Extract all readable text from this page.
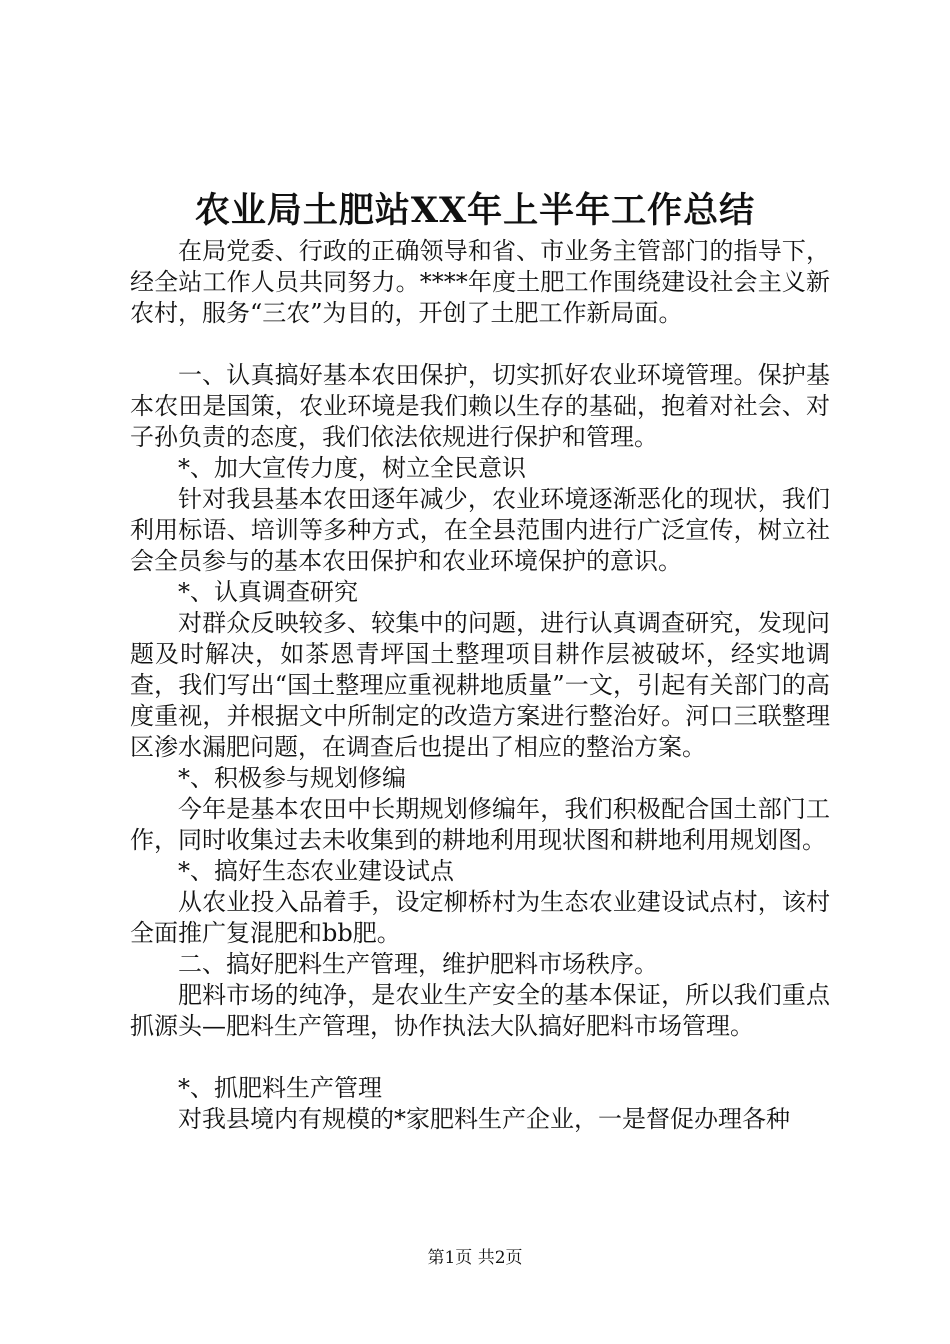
农业局土肥站XX年上半年工作总结

在局党委、行政的正确领导和省、市业务主管部门的指导下，经全站工作人员共同努力。****年度土肥工作围绕建设社会主义新农村，服务“三农”为目的，开创了土肥工作新局面。

一、认真搞好基本农田保护，切实抓好农业环境管理。保护基本农田是国策，农业环境是我们赖以生存的基础，抱着对社会、对子孙负责的态度，我们依法依规进行保护和管理。

*、加大宣传力度，树立全民意识

针对我县基本农田逐年减少，农业环境逐渐恶化的现状，我们利用标语、培训等多种方式，在全县范围内进行广泛宣传，树立社会全员参与的基本农田保护和农业环境保护的意识。

*、认真调查研究

对群众反映较多、较集中的问题，进行认真调查研究，发现问题及时解决，如茶恩青坪国土整理项目耕作层被破坏，经实地调查，我们写出“国土整理应重视耕地质量”一文，引起有关部门的高度重视，并根据文中所制定的改造方案进行整治好。河口三联整理区渗水漏肥问题，在调查后也提出了相应的整治方案。

*、积极参与规划修编

今年是基本农田中长期规划修编年，我们积极配合国土部门工作，同时收集过去未收集到的耕地利用现状图和耕地利用规划图。

*、搞好生态农业建设试点

从农业投入品着手，设定柳桥村为生态农业建设试点村，该村全面推广复混肥和bb肥。

二、搞好肥料生产管理，维护肥料市场秩序。

肥料市场的纯净，是农业生产安全的基本保证，所以我们重点抓源头—肥料生产管理，协作执法大队搞好肥料市场管理。

*、抓肥料生产管理

对我县境内有规模的*家肥料生产企业，一是督促办理各种

第1页 共2页
